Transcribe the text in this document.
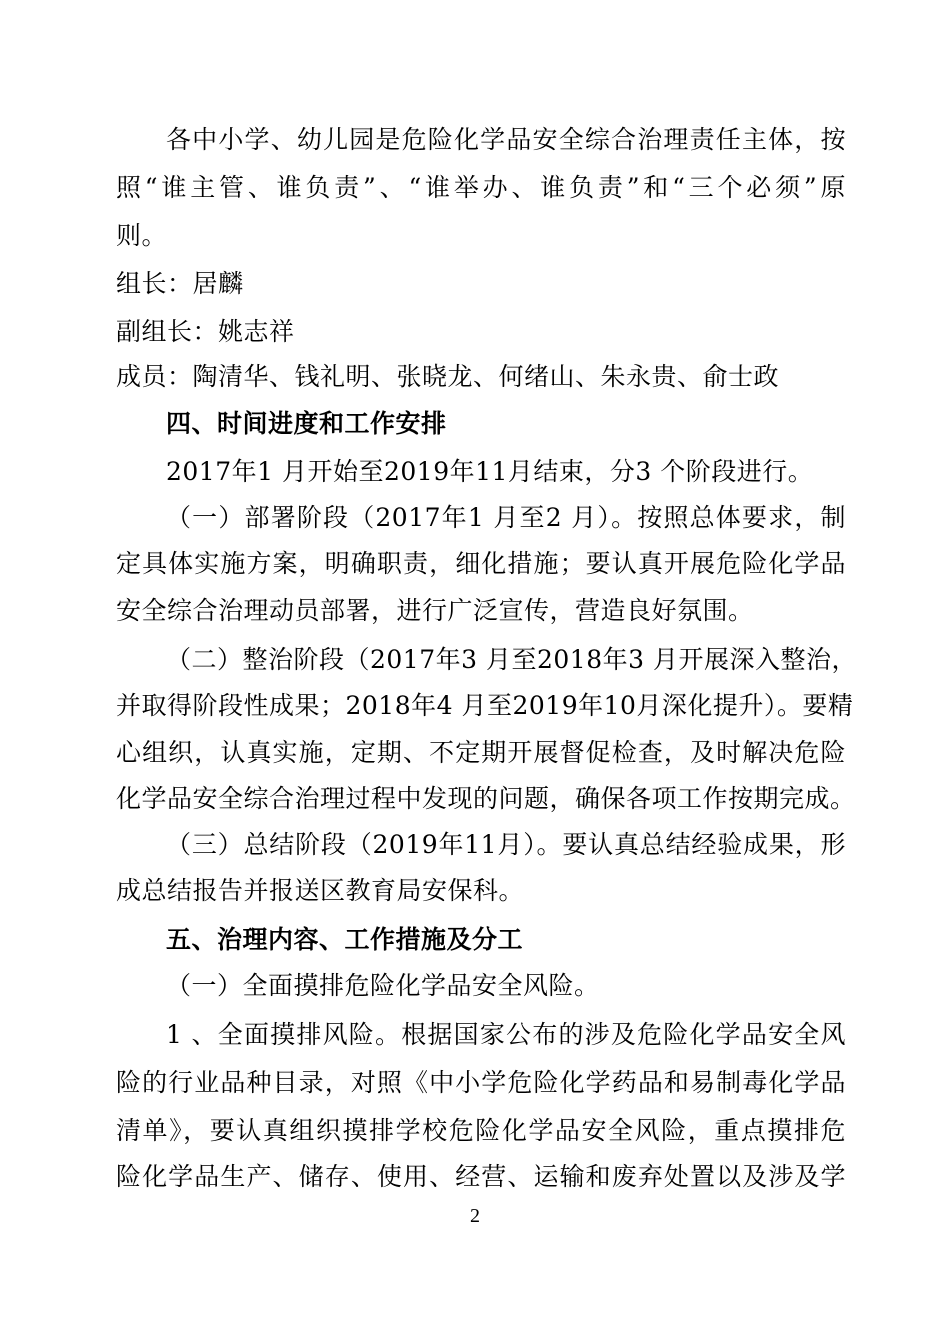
各中小学、幼儿园是危险化学品安全综合治理责任主体，按
照“谁主管、谁负责”、“谁举办、谁负责”和“三个必须”原
则。
组长：居麟
副组长：姚志祥
成员：陶清华、钱礼明、张晓龙、何绪山、朱永贵、俞士政
四、时间进度和工作安排
2017年1 月开始至2019年11月结束，分3 个阶段进行。
（一）部署阶段（2017年1 月至2 月）。按照总体要求，制
定具体实施方案，明确职责，细化措施；要认真开展危险化学品
安全综合治理动员部署，进行广泛宣传，营造良好氛围。
（二）整治阶段（2017年3 月至2018年3 月开展深入整治，
并取得阶段性成果；2018年4 月至2019年10月深化提升）。要精
心组织，认真实施，定期、不定期开展督促检查，及时解决危险
化学品安全综合治理过程中发现的问题，确保各项工作按期完成。
（三）总结阶段（2019年11月）。要认真总结经验成果，形
成总结报告并报送区教育局安保科。
五、治理内容、工作措施及分工
（一）全面摸排危险化学品安全风险。
1 、全面摸排风险。根据国家公布的涉及危险化学品安全风
险的行业品种目录，对照《中小学危险化学药品和易制毒化学品
清单》，要认真组织摸排学校危险化学品安全风险，重点摸排危
险化学品生产、储存、使用、经营、运输和废弃处置以及涉及学
2
